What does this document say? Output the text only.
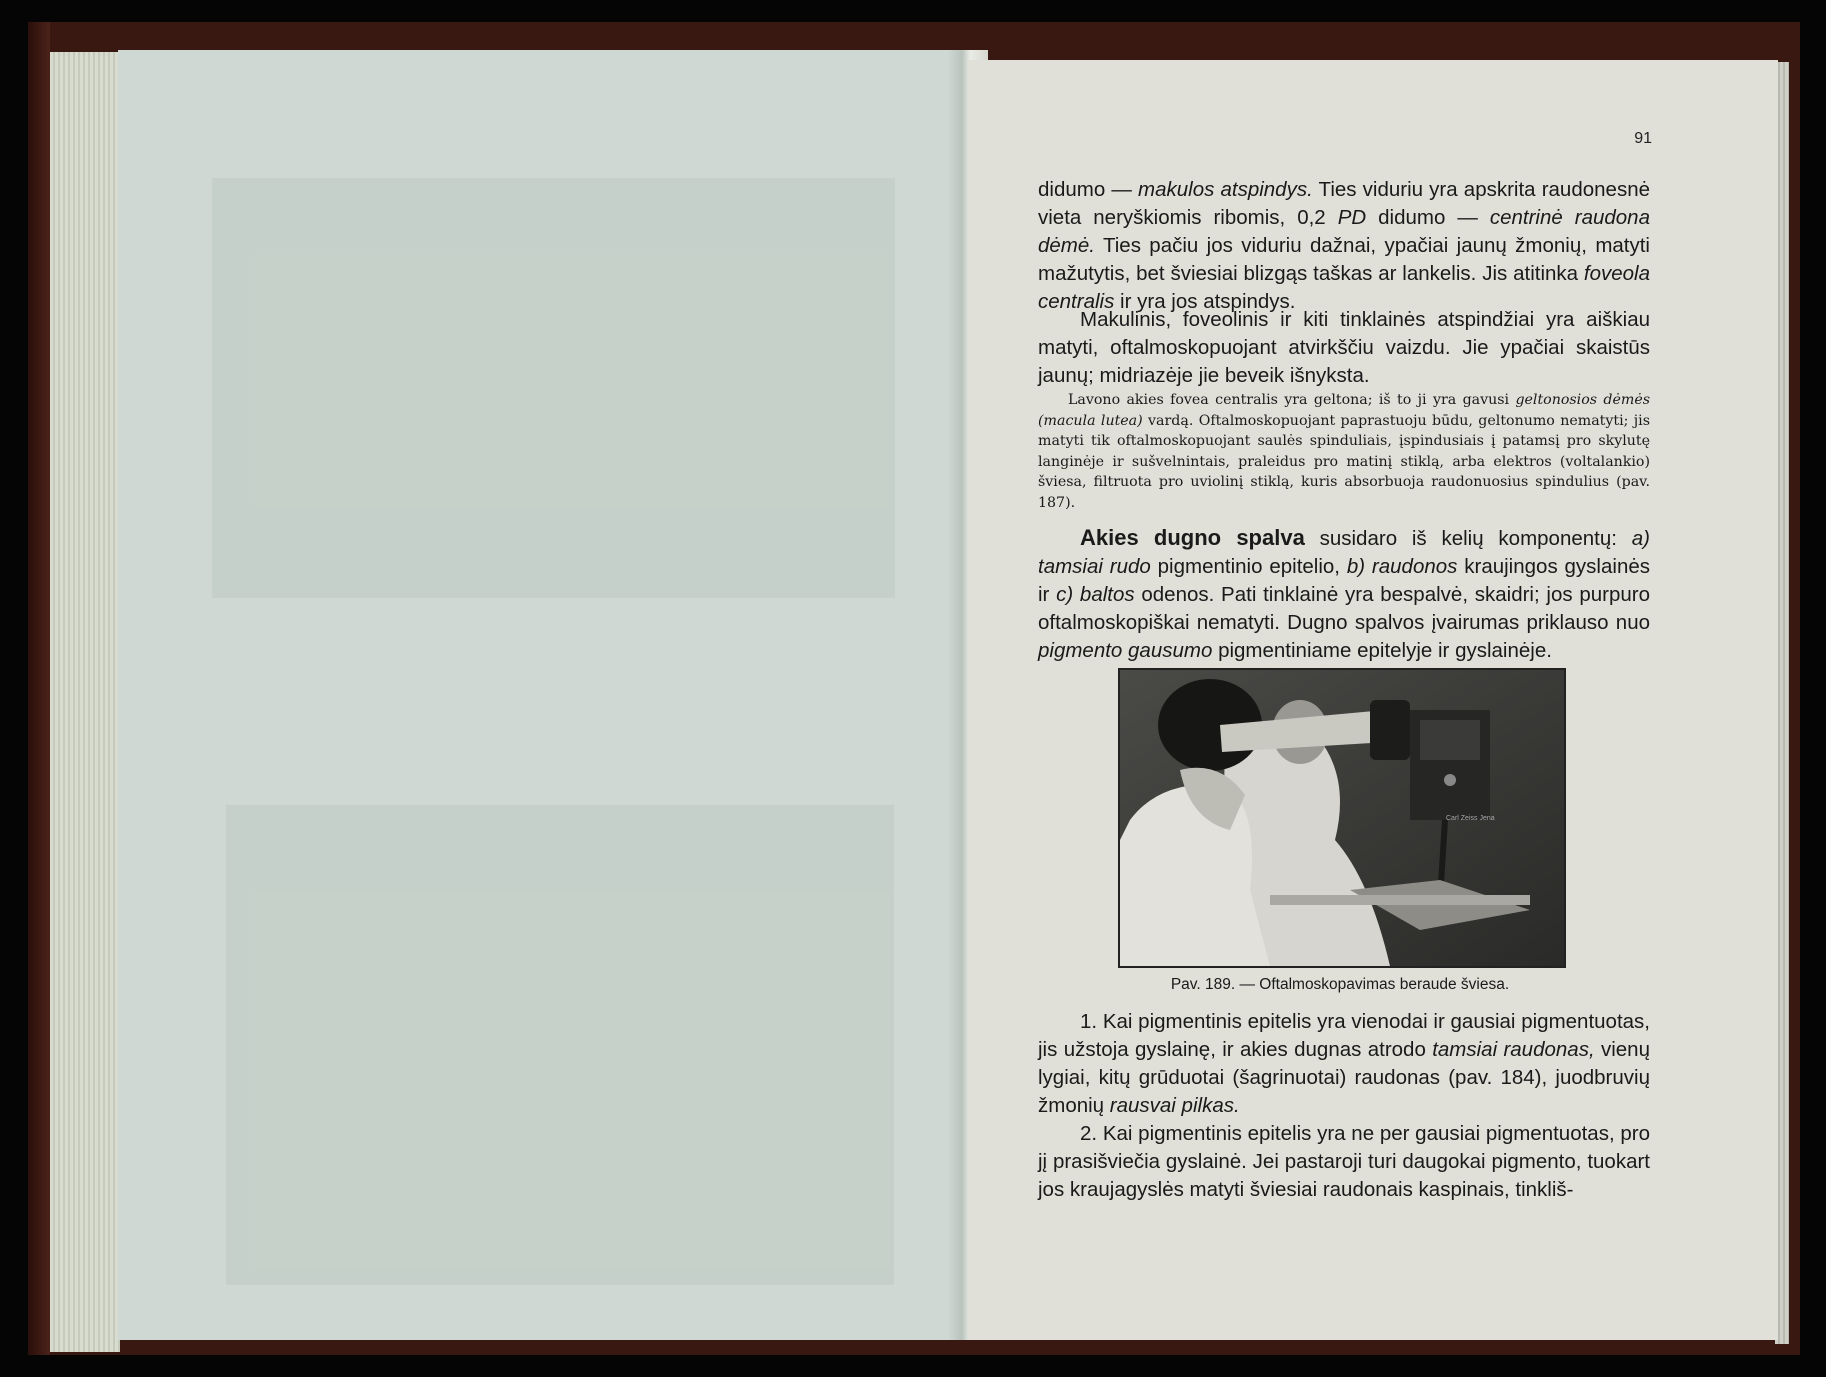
91

didumo — makulos atspindys. Ties viduriu yra apskrita raudonesnė vieta neryškiomis ribomis, 0,2 PD didumo — centrinė raudona dėmė. Ties pačiu jos viduriu dažnai, ypačiai jaunų žmonių, matyti mažutytis, bet šviesiai blizgąs taškas ar lankelis. Jis atitinka foveola centralis ir yra jos atspindys.

Makulinis, foveolinis ir kiti tinklainės atspindžiai yra aiškiau matyti, oftalmoskopuojant atvirkščiu vaizdu. Jie ypačiai skaistūs jaunų; midriazėje jie beveik išnyksta.

Lavono akies fovea centralis yra geltona; iš to ji yra gavusi geltonosios dėmės (macula lutea) vardą. Oftalmoskopuojant paprastuoju būdu, geltonumo nematyti; jis matyti tik oftalmoskopuojant saulės spinduliais, įspindusiais į patamsį pro skylutę langinėje ir sušvelnintais, praleidus pro matinį stiklą, arba elektros (voltalankio) šviesa, filtruota pro uviolinį stiklą, kuris absorbuoja raudonuosius spindulius (pav. 187).

Akies dugno spalva susidaro iš kelių komponentų: a) tamsiai rudo pigmentinio epitelio, b) raudonos kraujingos gyslainės ir c) baltos odenos. Pati tinklainė yra bespalvė, skaidri; jos purpuro oftalmoskopiškai nematyti. Dugno spalvos įvairumas priklauso nuo pigmento gausumo pigmentiniame epitelyje ir gyslainėje.

Carl Zeiss Jena
Pav. 189. — Oftalmoskopavimas beraude šviesa.

1. Kai pigmentinis epitelis yra vienodai ir gausiai pigmentuotas, jis užstoja gyslainę, ir akies dugnas atrodo tamsiai raudonas, vienų lygiai, kitų grūduotai (šagrinuotai) raudonas (pav. 184), juodbruvių žmonių rausvai pilkas.

2. Kai pigmentinis epitelis yra ne per gausiai pigmentuotas, pro jį prasišviečia gyslainė. Jei pastaroji turi daugokai pigmento, tuokart jos kraujagyslės matyti šviesiai raudonais kaspinais, tinkliš-
